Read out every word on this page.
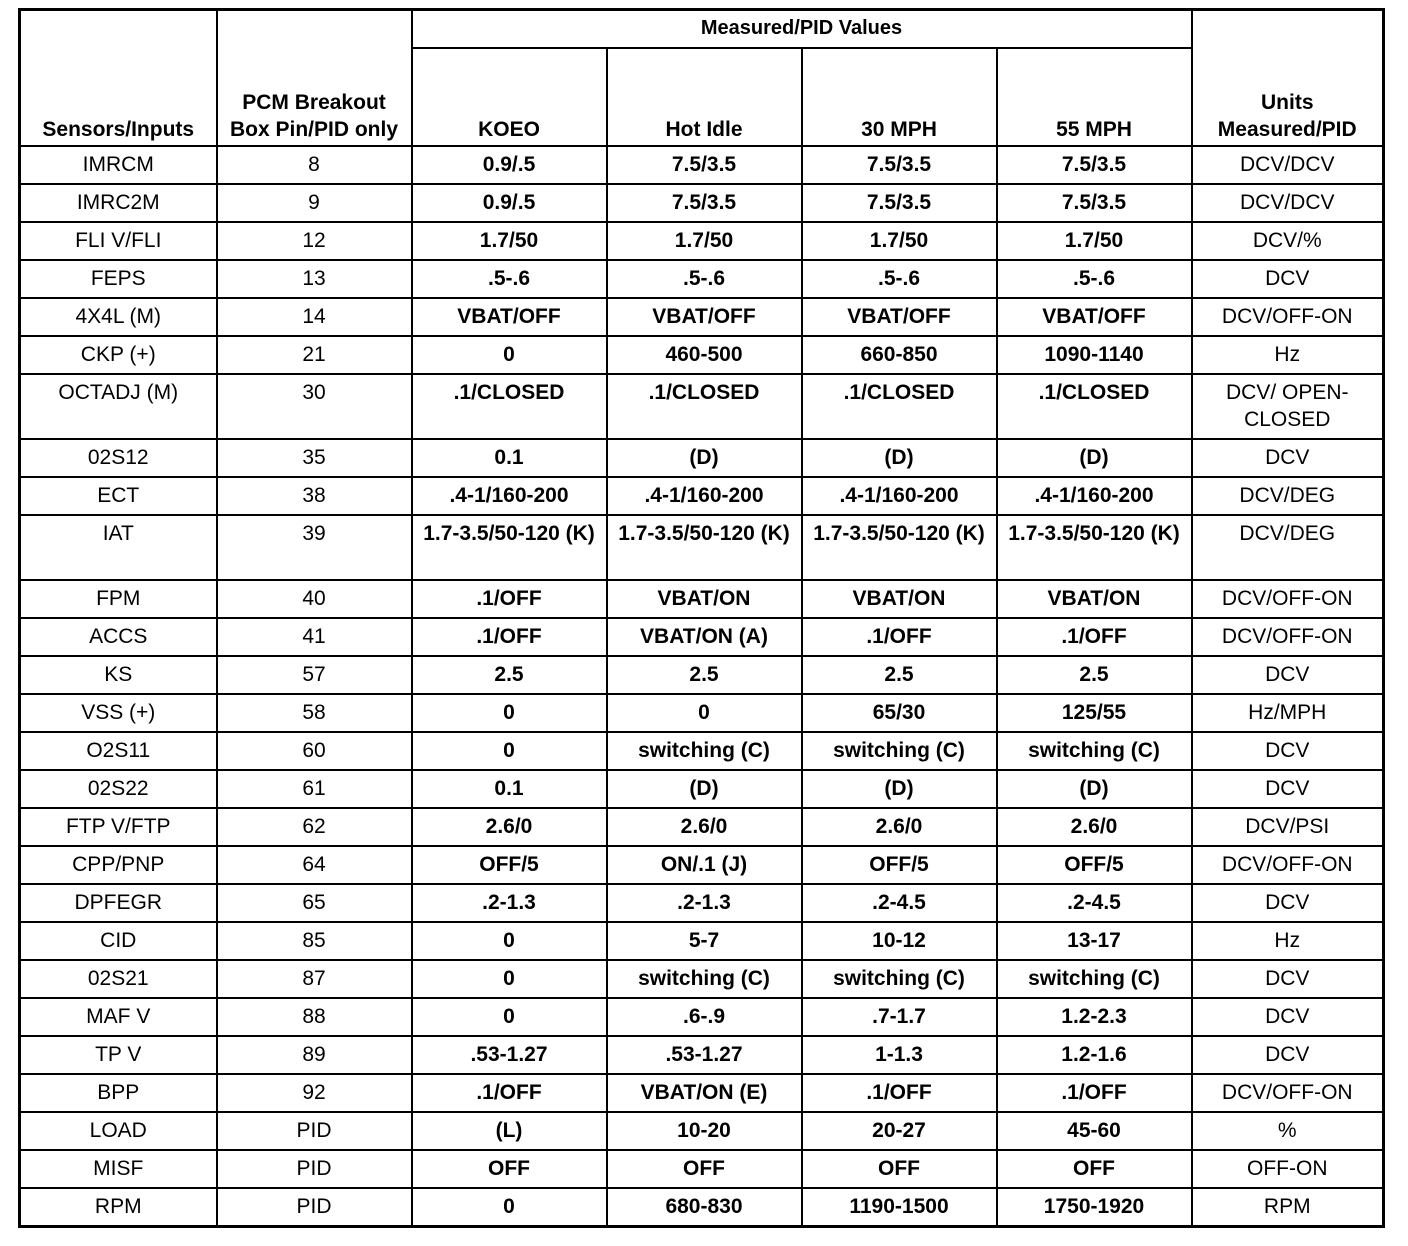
Sensors/Inputs	PCM Breakout Box Pin/PID only	Measured/PID Values				Units Measured/PID
		KOEO	Hot Idle	30 MPH	55 MPH	
IMRCM	8	0.9/.5	7.5/3.5	7.5/3.5	7.5/3.5	DCV/DCV
IMRC2M	9	0.9/.5	7.5/3.5	7.5/3.5	7.5/3.5	DCV/DCV
FLI V/FLI	12	1.7/50	1.7/50	1.7/50	1.7/50	DCV/%
FEPS	13	.5-.6	.5-.6	.5-.6	.5-.6	DCV
4X4L (M)	14	VBAT/OFF	VBAT/OFF	VBAT/OFF	VBAT/OFF	DCV/OFF-ON
CKP (+)	21	0	460-500	660-850	1090-1140	Hz
OCTADJ (M)	30	.1/CLOSED	.1/CLOSED	.1/CLOSED	.1/CLOSED	DCV/ OPEN-CLOSED
02S12	35	0.1	(D)	(D)	(D)	DCV
ECT	38	.4-1/160-200	.4-1/160-200	.4-1/160-200	.4-1/160-200	DCV/DEG
IAT	39	1.7-3.5/50-120 (K)	1.7-3.5/50-120 (K)	1.7-3.5/50-120 (K)	1.7-3.5/50-120 (K)	DCV/DEG
FPM	40	.1/OFF	VBAT/ON	VBAT/ON	VBAT/ON	DCV/OFF-ON
ACCS	41	.1/OFF	VBAT/ON (A)	.1/OFF	.1/OFF	DCV/OFF-ON
KS	57	2.5	2.5	2.5	2.5	DCV
VSS (+)	58	0	0	65/30	125/55	Hz/MPH
O2S11	60	0	switching (C)	switching (C)	switching (C)	DCV
02S22	61	0.1	(D)	(D)	(D)	DCV
FTP V/FTP	62	2.6/0	2.6/0	2.6/0	2.6/0	DCV/PSI
CPP/PNP	64	OFF/5	ON/.1 (J)	OFF/5	OFF/5	DCV/OFF-ON
DPFEGR	65	.2-1.3	.2-1.3	.2-4.5	.2-4.5	DCV
CID	85	0	5-7	10-12	13-17	Hz
02S21	87	0	switching (C)	switching (C)	switching (C)	DCV
MAF V	88	0	.6-.9	.7-1.7	1.2-2.3	DCV
TP V	89	.53-1.27	.53-1.27	1-1.3	1.2-1.6	DCV
BPP	92	.1/OFF	VBAT/ON (E)	.1/OFF	.1/OFF	DCV/OFF-ON
LOAD	PID	(L)	10-20	20-27	45-60	%
MISF	PID	OFF	OFF	OFF	OFF	OFF-ON
RPM	PID	0	680-830	1190-1500	1750-1920	RPM
